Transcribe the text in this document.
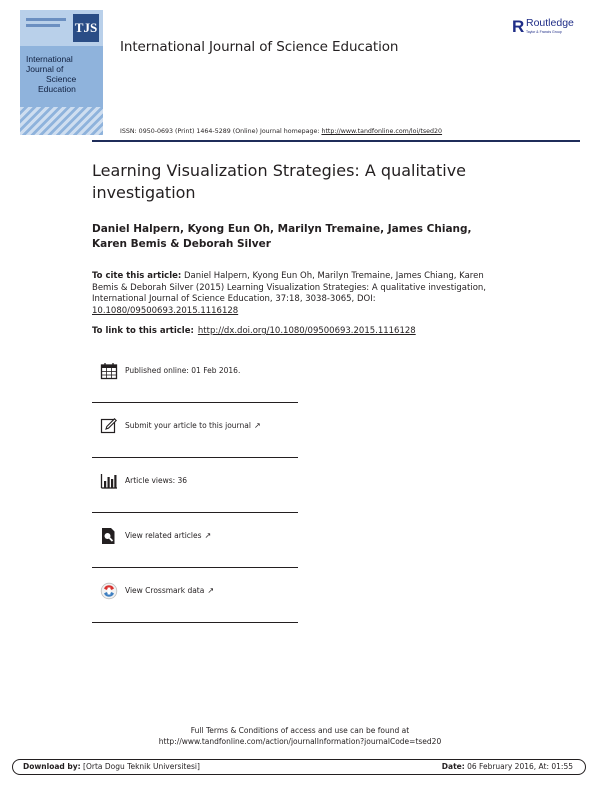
TJS
International
Journal of
Science
Education
International Journal of Science Education
R Routledge
Taylor & Francis Group
ISSN: 0950-0693 (Print) 1464-5289 (Online) Journal homepage: http://www.tandfonline.com/loi/tsed20
Learning Visualization Strategies: A qualitative investigation
Daniel Halpern, Kyong Eun Oh, Marilyn Tremaine, James Chiang, Karen Bemis & Deborah Silver
To cite this article: Daniel Halpern, Kyong Eun Oh, Marilyn Tremaine, James Chiang, Karen Bemis & Deborah Silver (2015) Learning Visualization Strategies: A qualitative investigation, International Journal of Science Education, 37:18, 3038-3065, DOI: 10.1080/09500693.2015.1116128
To link to this article: http://dx.doi.org/10.1080/09500693.2015.1116128
Published online: 01 Feb 2016.
Submit your article to this journal ↗
Article views: 36
View related articles ↗
View Crossmark data ↗
Full Terms & Conditions of access and use can be found at
http://www.tandfonline.com/action/journalInformation?journalCode=tsed20
Download by: [Orta Dogu Teknik Universitesi]	Date: 06 February 2016, At: 01:55
